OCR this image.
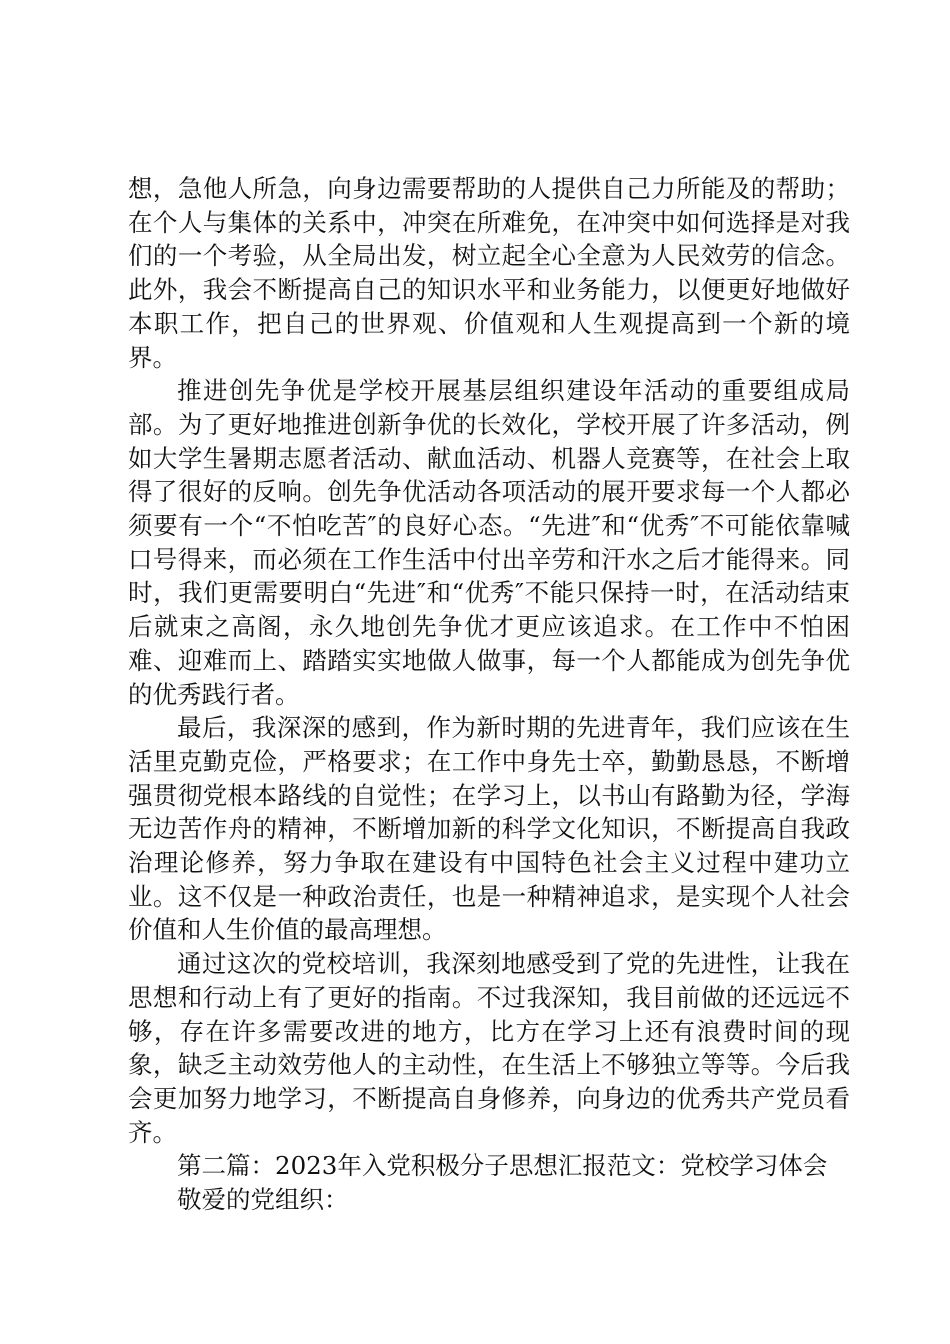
想，急他人所急，向身边需要帮助的人提供自己力所能及的帮助；在个人与集体的关系中，冲突在所难免，在冲突中如何选择是对我们的一个考验，从全局出发，树立起全心全意为人民效劳的信念。此外，我会不断提高自己的知识水平和业务能力，以便更好地做好本职工作，把自己的世界观、价值观和人生观提高到一个新的境界。

推进创先争优是学校开展基层组织建设年活动的重要组成局部。为了更好地推进创新争优的长效化，学校开展了许多活动，例如大学生暑期志愿者活动、献血活动、机器人竞赛等，在社会上取得了很好的反响。创先争优活动各项活动的展开要求每一个人都必须要有一个“不怕吃苦″的良好心态。“先进″和“优秀″不可能依靠喊口号得来，而必须在工作生活中付出辛劳和汗水之后才能得来。同时，我们更需要明白“先进″和“优秀″不能只保持一时，在活动结束后就束之高阁，永久地创先争优才更应该追求。在工作中不怕困难、迎难而上、踏踏实实地做人做事，每一个人都能成为创先争优的优秀践行者。

最后，我深深的感到，作为新时期的先进青年，我们应该在生活里克勤克俭，严格要求；在工作中身先士卒，勤勤恳恳，不断增强贯彻党根本路线的自觉性；在学习上，以书山有路勤为径，学海无边苦作舟的精神，不断增加新的科学文化知识，不断提高自我政治理论修养，努力争取在建设有中国特色社会主义过程中建功立业。这不仅是一种政治责任，也是一种精神追求，是实现个人社会价值和人生价值的最高理想。

通过这次的党校培训，我深刻地感受到了党的先进性，让我在思想和行动上有了更好的指南。不过我深知，我目前做的还远远不够，存在许多需要改进的地方，比方在学习上还有浪费时间的现象，缺乏主动效劳他人的主动性，在生活上不够独立等等。今后我会更加努力地学习，不断提高自身修养，向身边的优秀共产党员看齐。

第二篇：2023年入党积极分子思想汇报范文：党校学习体会

敬爱的党组织：
